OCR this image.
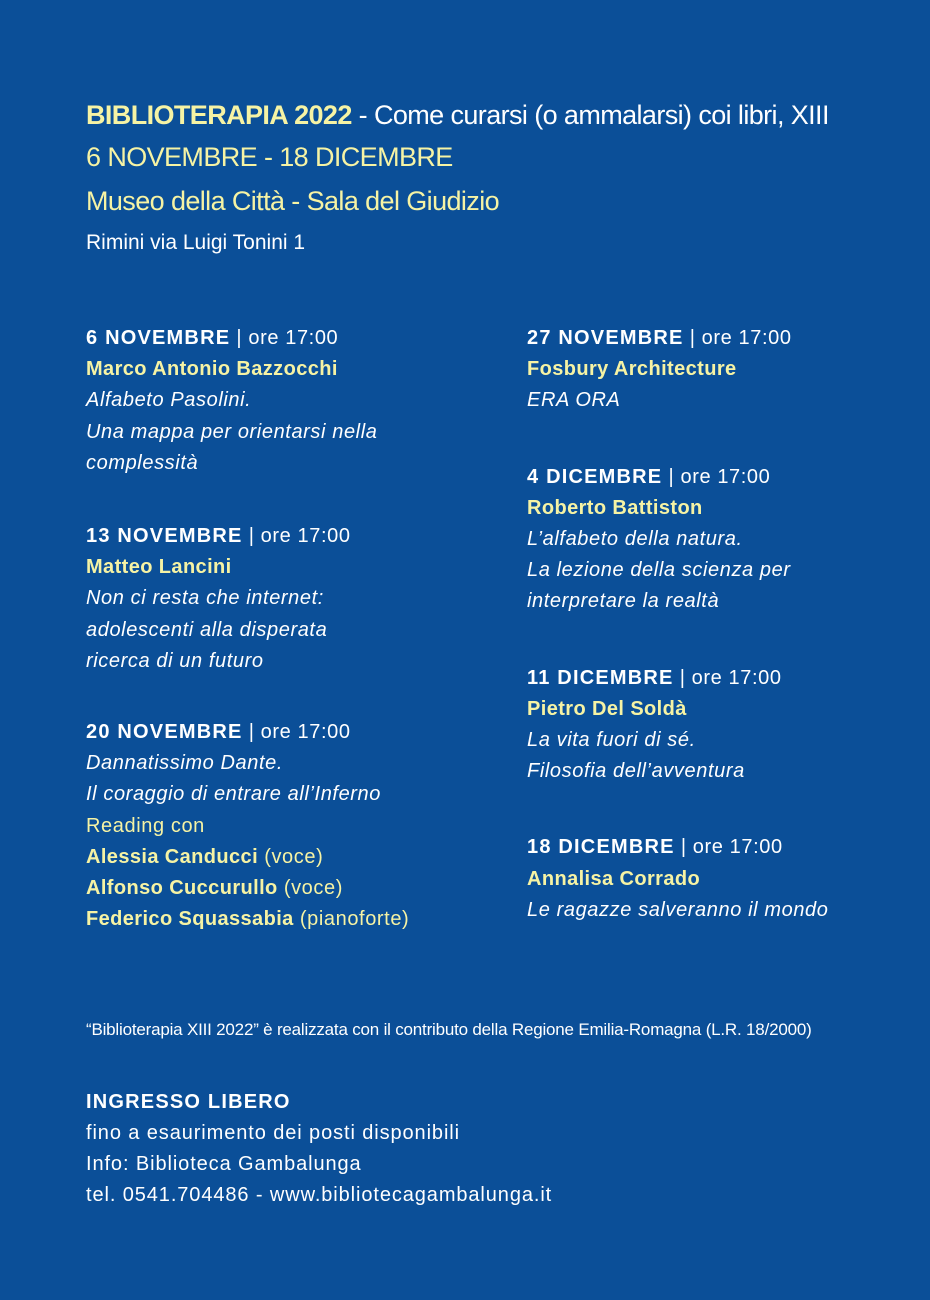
BIBLIOTERAPIA 2022 - Come curarsi (o ammalarsi) coi libri, XIII
6 NOVEMBRE - 18 DICEMBRE
Museo della Città - Sala del Giudizio
Rimini via Luigi Tonini 1
6 NOVEMBRE | ore 17:00
Marco Antonio Bazzocchi
Alfabeto Pasolini.
Una mappa per orientarsi nella
complessità
13 NOVEMBRE | ore 17:00
Matteo Lancini
Non ci resta che internet:
adolescenti alla disperata
ricerca di un futuro
20 NOVEMBRE | ore 17:00
Dannatissimo Dante.
Il coraggio di entrare all’Inferno
Reading con
Alessia Canducci (voce)
Alfonso Cuccurullo (voce)
Federico Squassabia (pianoforte)
27 NOVEMBRE | ore 17:00
Fosbury Architecture
ERA ORA
4 DICEMBRE | ore 17:00
Roberto Battiston
L’alfabeto della natura.
La lezione della scienza per
interpretare la realtà
11 DICEMBRE | ore 17:00
Pietro Del Soldà
La vita fuori di sé.
Filosofia dell’avventura
18 DICEMBRE | ore 17:00
Annalisa Corrado
Le ragazze salveranno il mondo
“Biblioterapia XIII 2022” è realizzata con il contributo della Regione Emilia-Romagna (L.R. 18/2000)
INGRESSO LIBERO
fino a esaurimento dei posti disponibili
Info: Biblioteca Gambalunga
tel. 0541.704486 - www.bibliotecagambalunga.it
